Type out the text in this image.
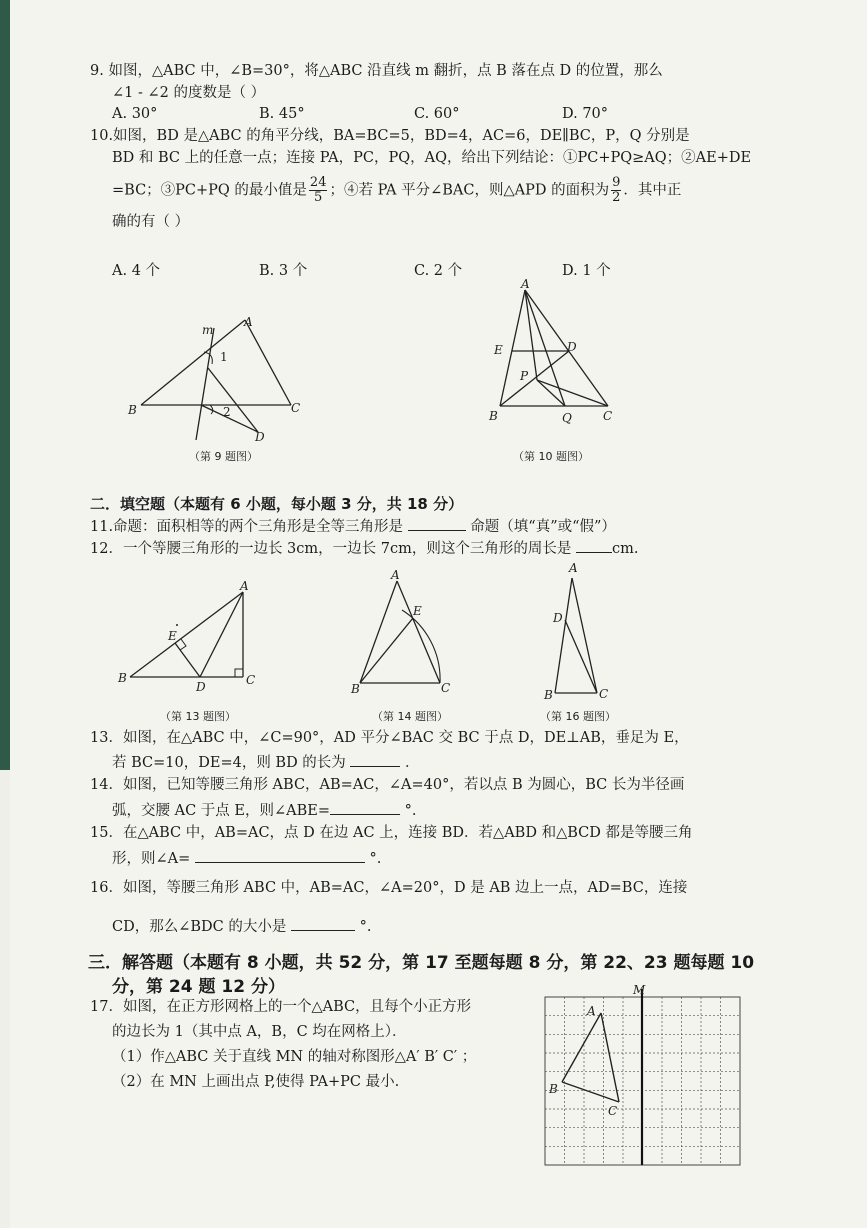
9. 如图，△ABC 中，∠B=30°，将△ABC 沿直线 m 翻折，点 B 落在点 D 的位置，那么
∠1 - ∠2 的度数是（ ）
A. 30°	B. 45°	C. 60°	D. 70°
10.如图，BD 是△ABC 的角平分线，BA=BC=5，BD=4，AC=6，DE∥BC，P，Q 分别是
BD 和 BC 上的任意一点；连接 PA，PC，PQ，AQ，给出下列结论：①PC+PQ≥AQ；②AE+DE
=BC；③PC+PQ 的最小值是 $\frac{24}{5}$ ；④若 PA 平分∠BAC，则△APD 的面积为 $\frac{9}{2}$ ．其中正
确的有（ ）
A. 4 个	B. 3 个	C. 2 个	D. 1 个
m
A
1
B	2	C
D
（第 9 题图）
A
E	D
P
B	Q	C
（第 10 题图）
二．填空题（本题有 6 小题，每小题 3 分，共 18 分）
11.命题：面积相等的两个三角形是全等三角形是	命题（填“真”或“假”）
12．一个等腰三角形的一边长 3cm，一边长 7cm，则这个三角形的周长是	cm.
A
E
B
D	C
（第 13 题图）
A
E
B	C
（第 14 题图）
A
D
B	C
（第 16 题图）
13．如图，在△ABC 中，∠C=90°，AD 平分∠BAC 交 BC 于点 D，DE⊥AB，垂足为 E，
若 BC=10，DE=4，则 BD 的长为	．
14．如图，已知等腰三角形 ABC，AB=AC，∠A=40°，若以点 B 为圆心，BC 长为半径画
弧，交腰 AC 于点 E，则∠ABE=	°.
15．在△ABC 中，AB=AC，点 D 在边 AC 上，连接 BD．若△ABD 和△BCD 都是等腰三角
形，则∠A=	°.
16．如图，等腰三角形 ABC 中，AB=AC，∠A=20°，D 是 AB 边上一点，AD=BC，连接
CD，那么∠BDC 的大小是	°.
三．解答题（本题有 8 小题，共 52 分，第 17 至题每题 8 分，第 22、23 题每题 10
分，第 24 题 12 分）
17．如图，在正方形网格上的一个△ABC，且每个小正方形
的边长为 1（其中点 A，B，C 均在网格上）．
（1）作△ABC 关于直线 MN 的轴对称图形△A′ B′ C′ ；
（2）在 MN 上画出点 P,使得 PA+PC 最小.
M
A
B
C
